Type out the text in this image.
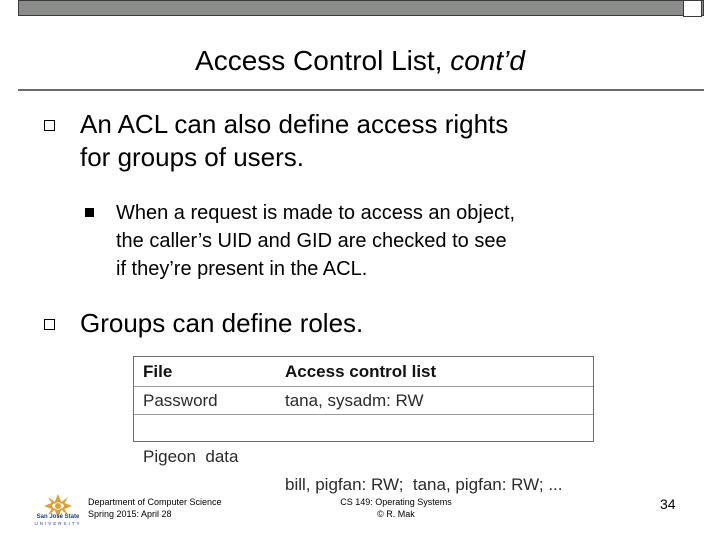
Access Control List, cont’d
An ACL can also define access rights
for groups of users.
When a request is made to access an object,
the caller’s UID and GID are checked to see
if they’re present in the ACL.
Groups can define roles.
File	Access control list
Password	tana, sysadm: RW

Pigeon  data

bill, pigfan: RW;  tana, pigfan: RW; ...

San José State
UNIVERSITY
Department of Computer Science
Spring 2015: April 28
CS 149: Operating Systems
© R. Mak
34
